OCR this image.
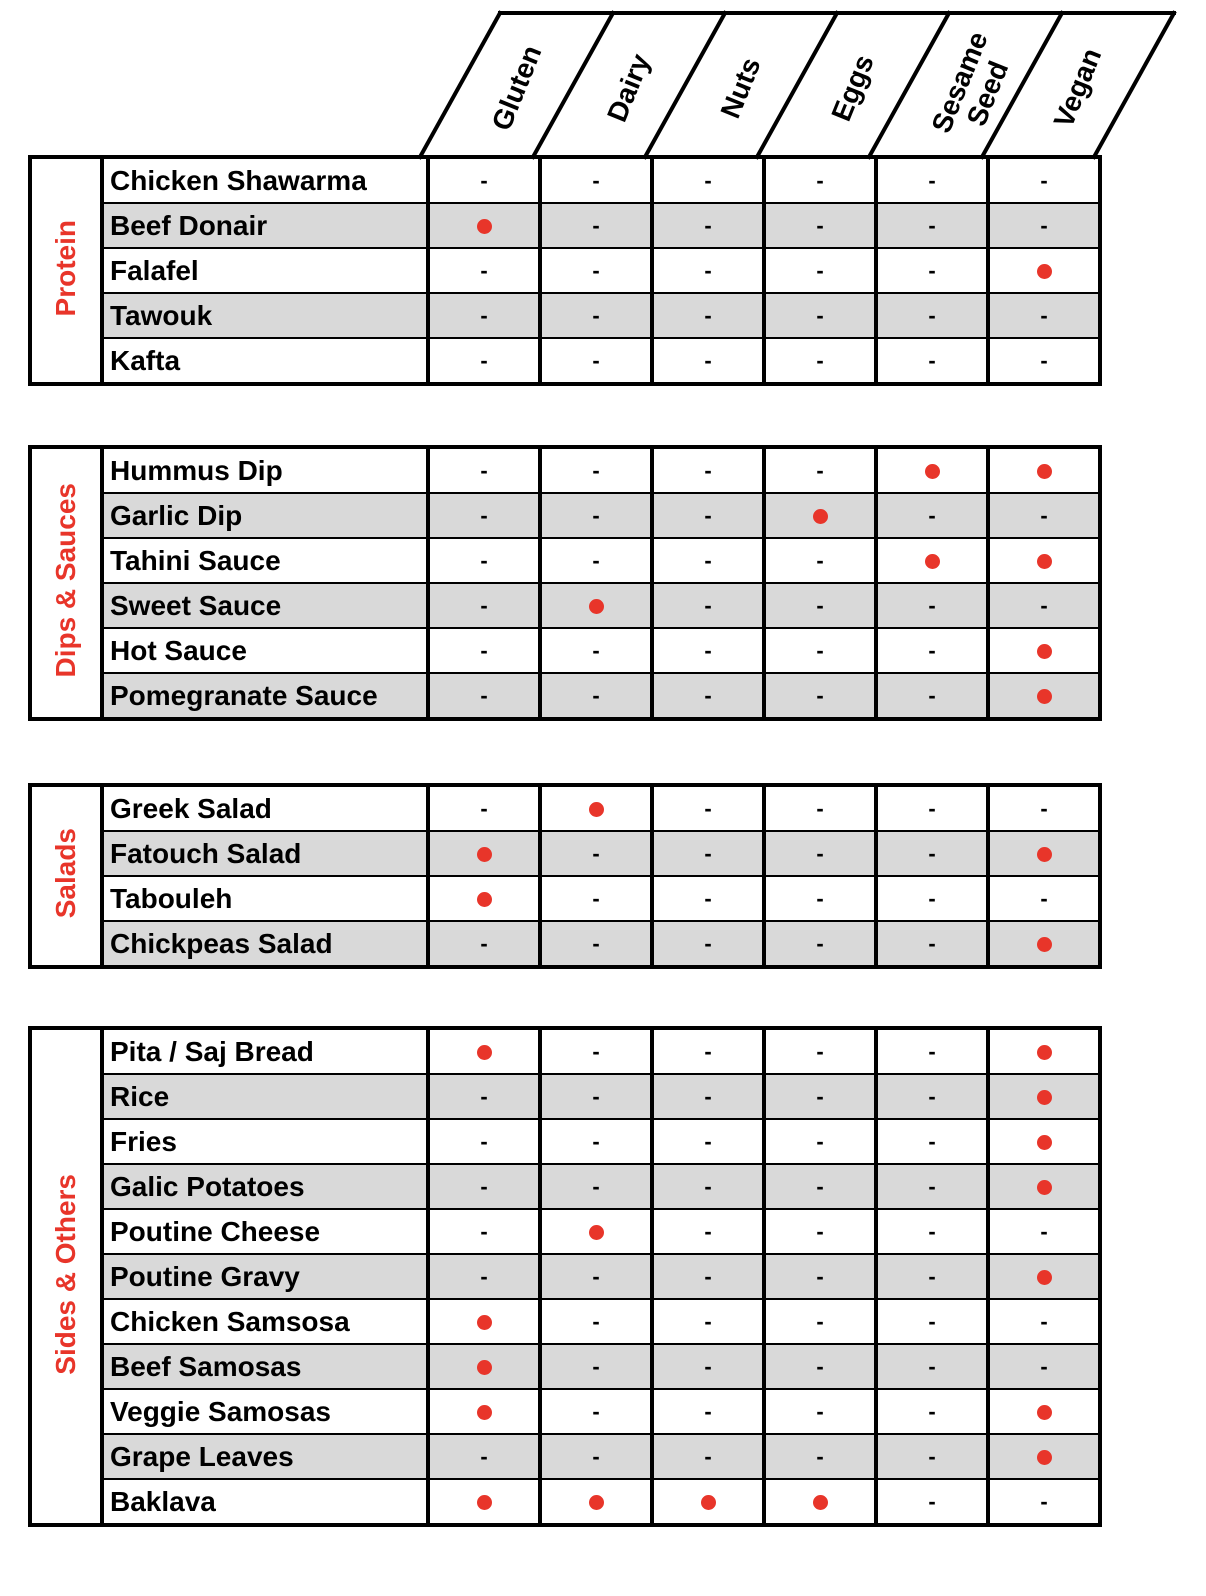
Gluten	Dairy	Nuts	Eggs	Sesame Seed	Vegan
Protein	Chicken Shawarma	-	-	-	-	-	-
	Beef Donair		-	-	-	-	-
	Falafel	-	-	-	-	-	
	Tawouk	-	-	-	-	-	-
	Kafta	-	-	-	-	-	-
Dips & Sauces	Hummus Dip	-	-	-	-		
	Garlic Dip	-	-	-		-	-
	Tahini Sauce	-	-	-	-		
	Sweet Sauce	-		-	-	-	-
	Hot Sauce	-	-	-	-	-	
	Pomegranate Sauce	-	-	-	-	-	
Salads	Greek Salad	-		-	-	-	-
	Fatouch Salad		-	-	-	-	
	Tabouleh		-	-	-	-	-
	Chickpeas Salad	-	-	-	-	-	
Sides & Others	Pita / Saj Bread		-	-	-	-	
	Rice	-	-	-	-	-	
	Fries	-	-	-	-	-	
	Galic Potatoes	-	-	-	-	-	
	Poutine Cheese	-		-	-	-	-
	Poutine Gravy	-	-	-	-	-	
	Chicken Samsosa		-	-	-	-	-
	Beef Samosas		-	-	-	-	-
	Veggie Samosas		-	-	-	-	
	Grape Leaves	-	-	-	-	-	
	Baklava					-	-
